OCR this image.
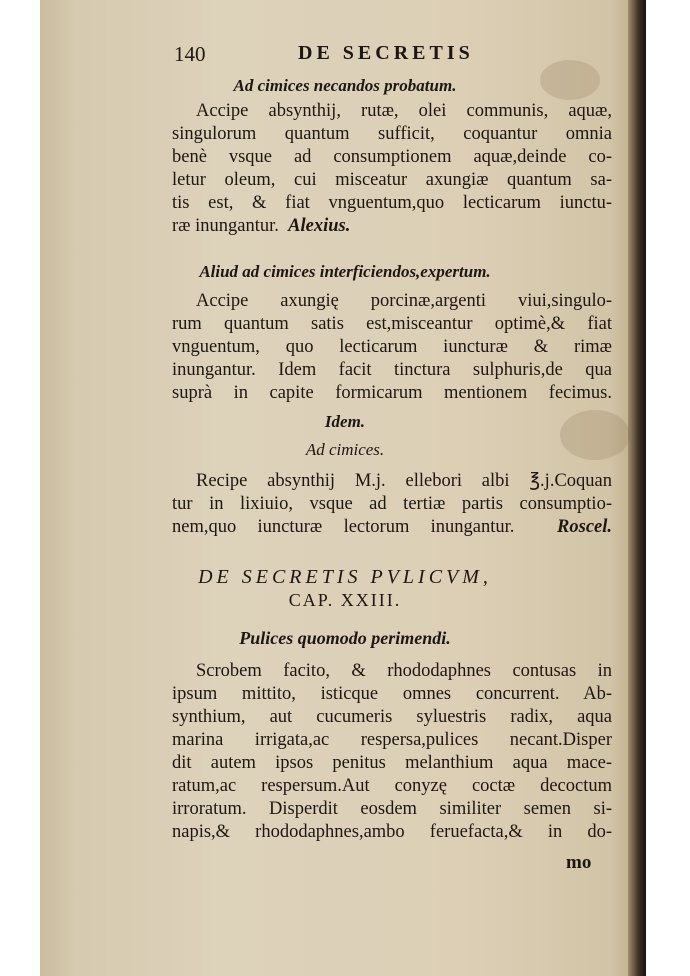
140	DE SECRETIS
Ad cimices necandos probatum.
Accipe absynthij, rutæ, olei communis, aquæ,
singulorum quantum sufficit, coquantur omnia
benè vsque ad consumptionem aquæ,deinde co-
letur oleum, cui misceatur axungiæ quantum sa-
tis est, & fiat vnguentum,quo lecticarum iunctu-
ræ inungantur. Alexius.
Aliud ad cimices interficiendos,expertum.
Accipe axungię porcinæ,argenti viui,singulo-
rum quantum satis est,misceantur optimè,& fiat
vnguentum, quo lecticarum iuncturæ & rimæ
inungantur. Idem facit tinctura sulphuris,de qua
suprà in capite formicarum mentionem fecimus.
Idem.
Ad cimices.
Recipe absynthij M.j. ellebori albi ℥.j.Coquan
tur in lixiuio, vsque ad tertiæ partis consumptio-
nem,quo iuncturæ lectorum inungantur. Roscel.
DE SECRETIS PVLICVM,
CAP. XXIII.
Pulices quomodo perimendi.
Scrobem facito, & rhododaphnes contusas in
ipsum mittito, isticque omnes concurrent. Ab-
synthium, aut cucumeris syluestris radix, aqua
marina irrigata,ac respersa,pulices necant.Disper
dit autem ipsos penitus melanthium aqua mace-
ratum,ac respersum.Aut conyzę coctæ decoctum
irroratum. Disperdit eosdem similiter semen si-
napis,& rhododaphnes,ambo feruefacta,& in do-
mo
